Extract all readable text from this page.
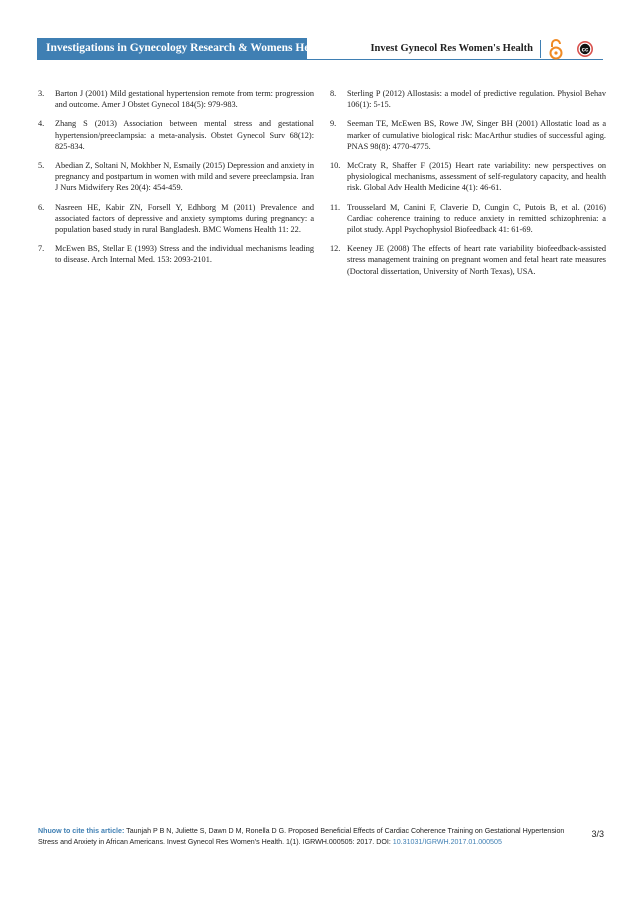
Investigations in Gynecology Research & Womens Health	Invest Gynecol Res Women's Health	cc
3. Barton J (2001) Mild gestational hypertension remote from term: progression and outcome. Amer J Obstet Gynecol 184(5): 979-983.
4. Zhang S (2013) Association between mental stress and gestational hypertension/preeclampsia: a meta-analysis. Obstet Gynecol Surv 68(12): 825-834.
5. Abedian Z, Soltani N, Mokhber N, Esmaily (2015) Depression and anxiety in pregnancy and postpartum in women with mild and severe preeclampsia. Iran J Nurs Midwifery Res 20(4): 454-459.
6. Nasreen HE, Kabir ZN, Forsell Y, Edhborg M (2011) Prevalence and associated factors of depressive and anxiety symptoms during pregnancy: a population based study in rural Bangladesh. BMC Womens Health 11: 22.
7. McEwen BS, Stellar E (1993) Stress and the individual mechanisms leading to disease. Arch Internal Med. 153: 2093-2101.
8. Sterling P (2012) Allostasis: a model of predictive regulation. Physiol Behav 106(1): 5-15.
9. Seeman TE, McEwen BS, Rowe JW, Singer BH (2001) Allostatic load as a marker of cumulative biological risk: MacArthur studies of successful aging. PNAS 98(8): 4770-4775.
10. McCraty R, Shaffer F (2015) Heart rate variability: new perspectives on physiological mechanisms, assessment of self-regulatory capacity, and health risk. Global Adv Health Medicine 4(1): 46-61.
11. Trousselard M, Canini F, Claverie D, Cungin C, Putois B, et al. (2016) Cardiac coherence training to reduce anxiety in remitted schizophrenia: a pilot study. Appl Psychophysiol Biofeedback 41: 61-69.
12. Keeney JE (2008) The effects of heart rate variability biofeedback-assisted stress management training on pregnant women and fetal heart rate measures (Doctoral dissertation, University of North Texas), USA.
Nhuow to cite this article: Taunjah P B N, Juliette S, Dawn D M, Ronella D G. Proposed Beneficial Effects of Cardiac Coherence Training on Gestational Hypertension Stress and Anxiety in African Americans. Invest Gynecol Res Women's Health. 1(1). IGRWH.000505: 2017. DOI: 10.31031/IGRWH.2017.01.000505
3/3
